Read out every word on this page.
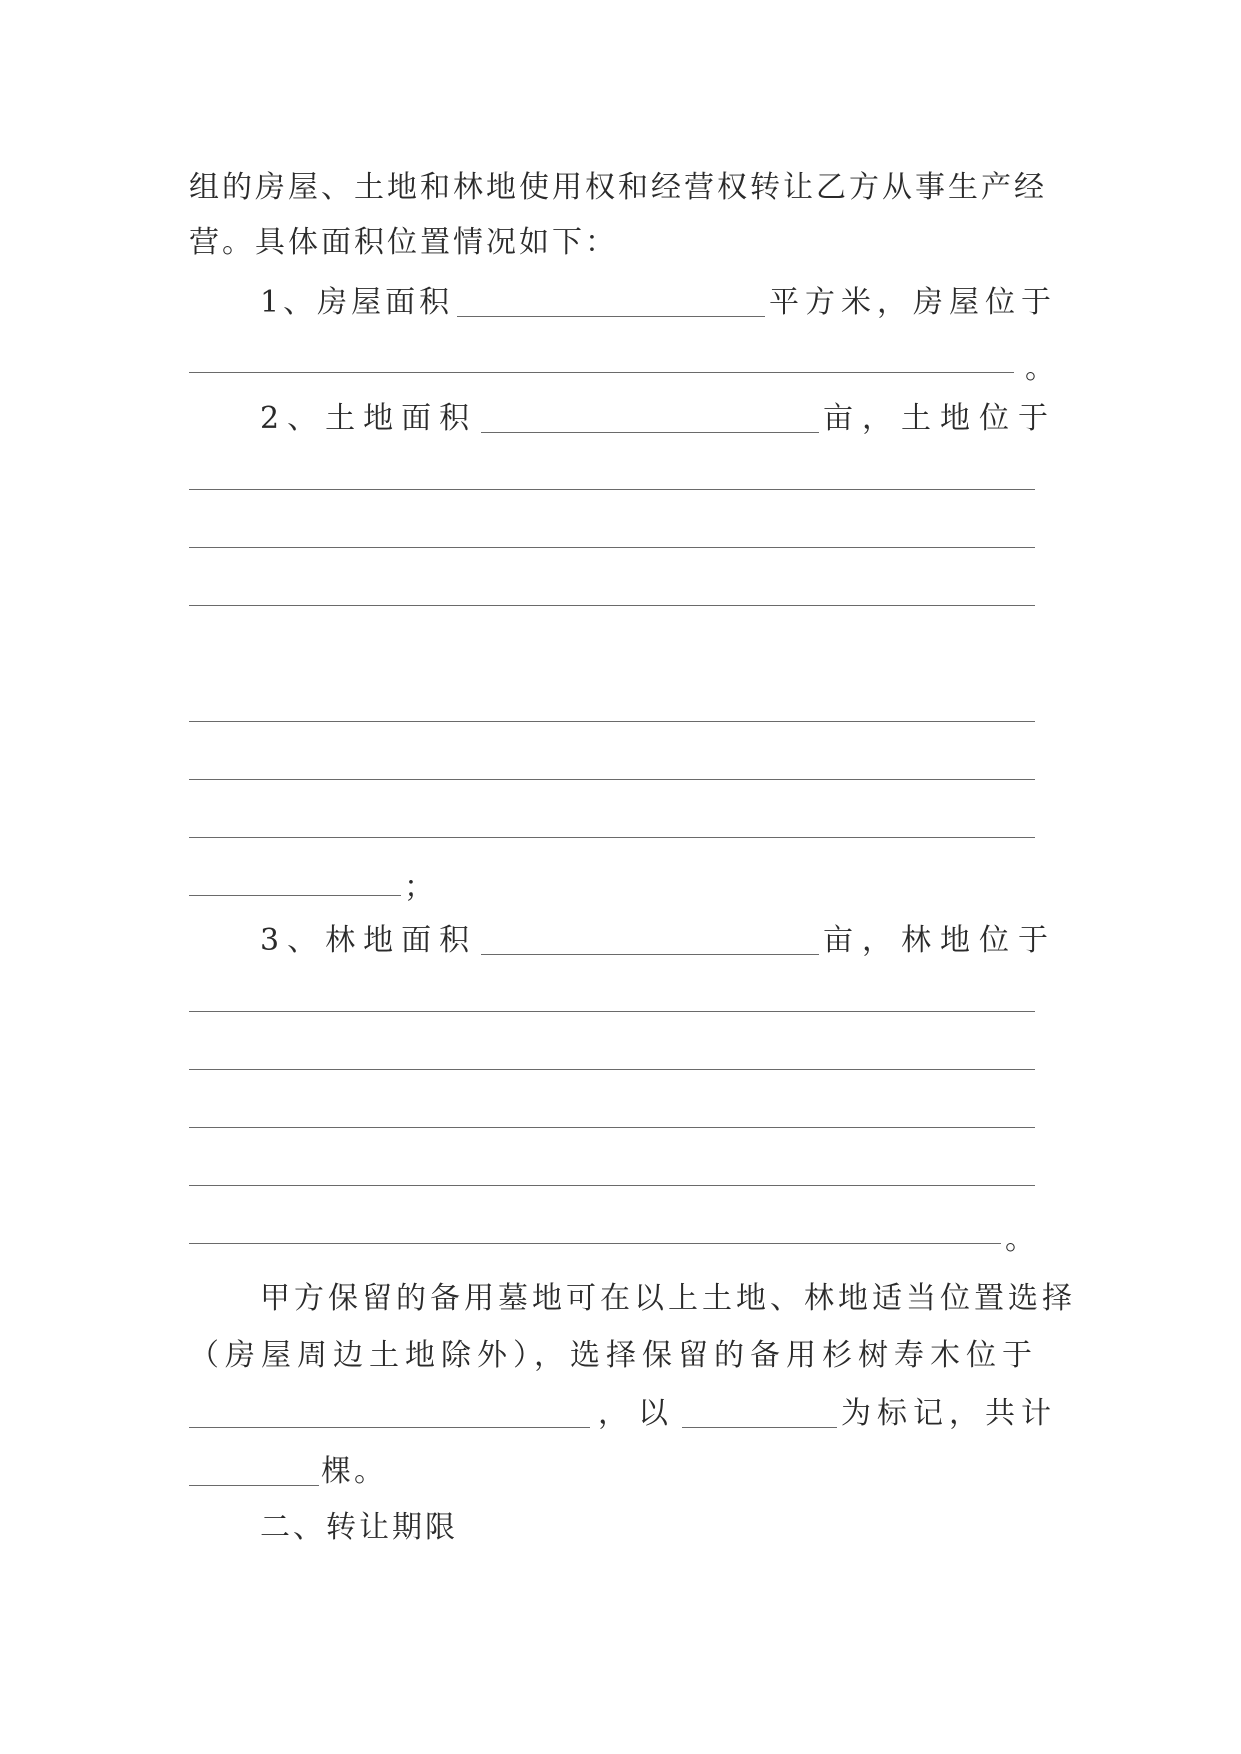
组的房屋、土地和林地使用权和经营权转让乙方从事生产经
营。具体面积位置情况如下：
1、房屋面积	平方米，房屋位于
。
2、土地面积	亩，土地位于
；
3、林地面积	亩，林地位于
。
甲方保留的备用墓地可在以上土地、林地适当位置选择
（房屋周边土地除外），选择保留的备用杉树寿木位于
，以	为标记，共计
棵。
二、转让期限
